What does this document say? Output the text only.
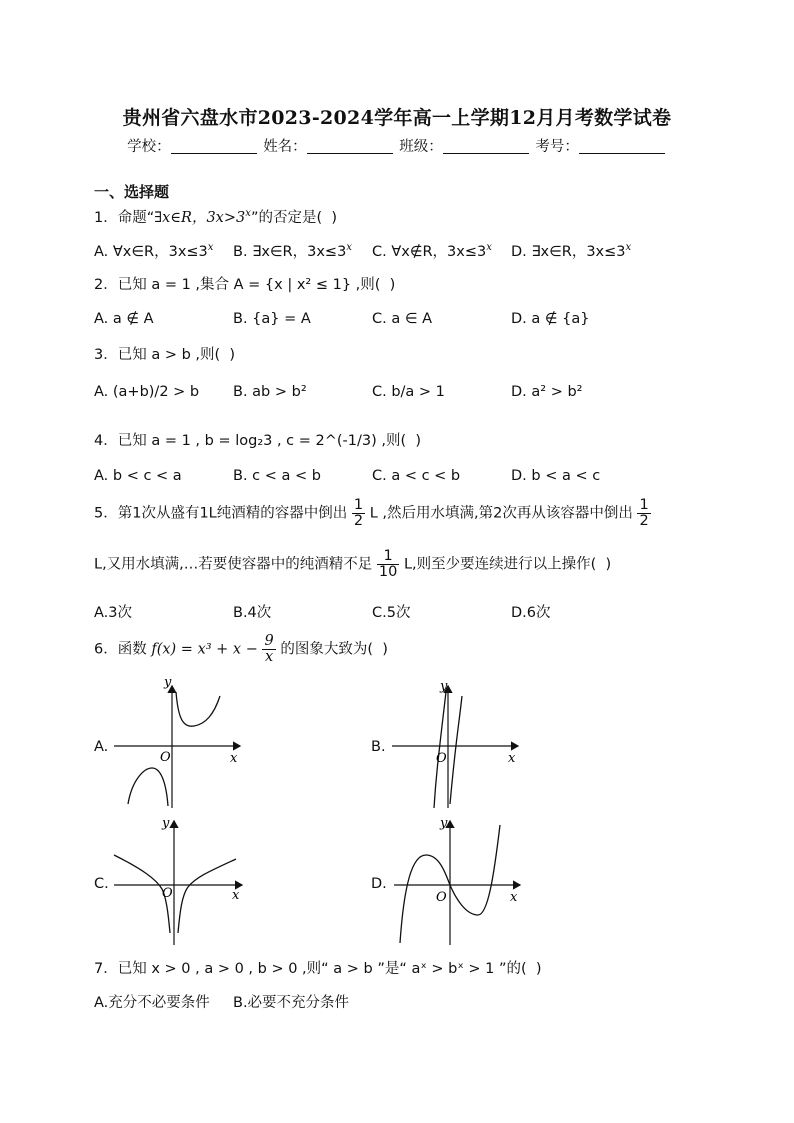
贵州省六盘水市2023-2024学年高一上学期12月月考数学试卷
学校：	姓名：	班级：	考号：
一、选择题
1．命题“∃x∈R，$3x>3^x$”的否定是(  )
A. ∀x∈R，$3x\le 3^x$ B. ∃x∈R，$3x\le 3^x$ C. ∀x∉R，$3x\le 3^x$ D. ∃x∈R，$3x\le 3^x$
2．已知 a = 1 ,集合 A = {x | x² ≤ 1} ,则(  )
A. a ∉ A	B. {a} = A	C. a ∈ A	D. a ∉ {a}
3．已知 a > b ,则(  )
A. (a+b)/2 > b B. ab > b²	C. b/a > 1	D. a² > b²
4．已知 a = 1 , b = log₂3 , c = 2^(-1/3) ,则(  )
A. b < c < a	B. c < a < b	C. a < c < b	D. b < a < c
5．第1次从盛有1L纯酒精的容器中倒出 $\frac{1}{2}$ L ,然后用水填满,第2次再从该容器中倒出 $\frac{1}{2}$
L,又用水填满,…若要使容器中的纯酒精不足 $\frac{1}{10} L$,则至少要连续进行以上操作(  )
A.3次	B.4次	C.5次	D.6次
6．函数 $f(x) = x^3 + x - \frac{9}{x}$ 的图象大致为(  )
A.	B.
C.	D.
y
x
O
y
x
O
y
x
O
y
x
O
7．已知 x > 0 , a > 0 , b > 0 ,则“ a > b ”是“ aˣ > bˣ > 1 ”的(  )
A.充分不必要条件 B.必要不充分条件
